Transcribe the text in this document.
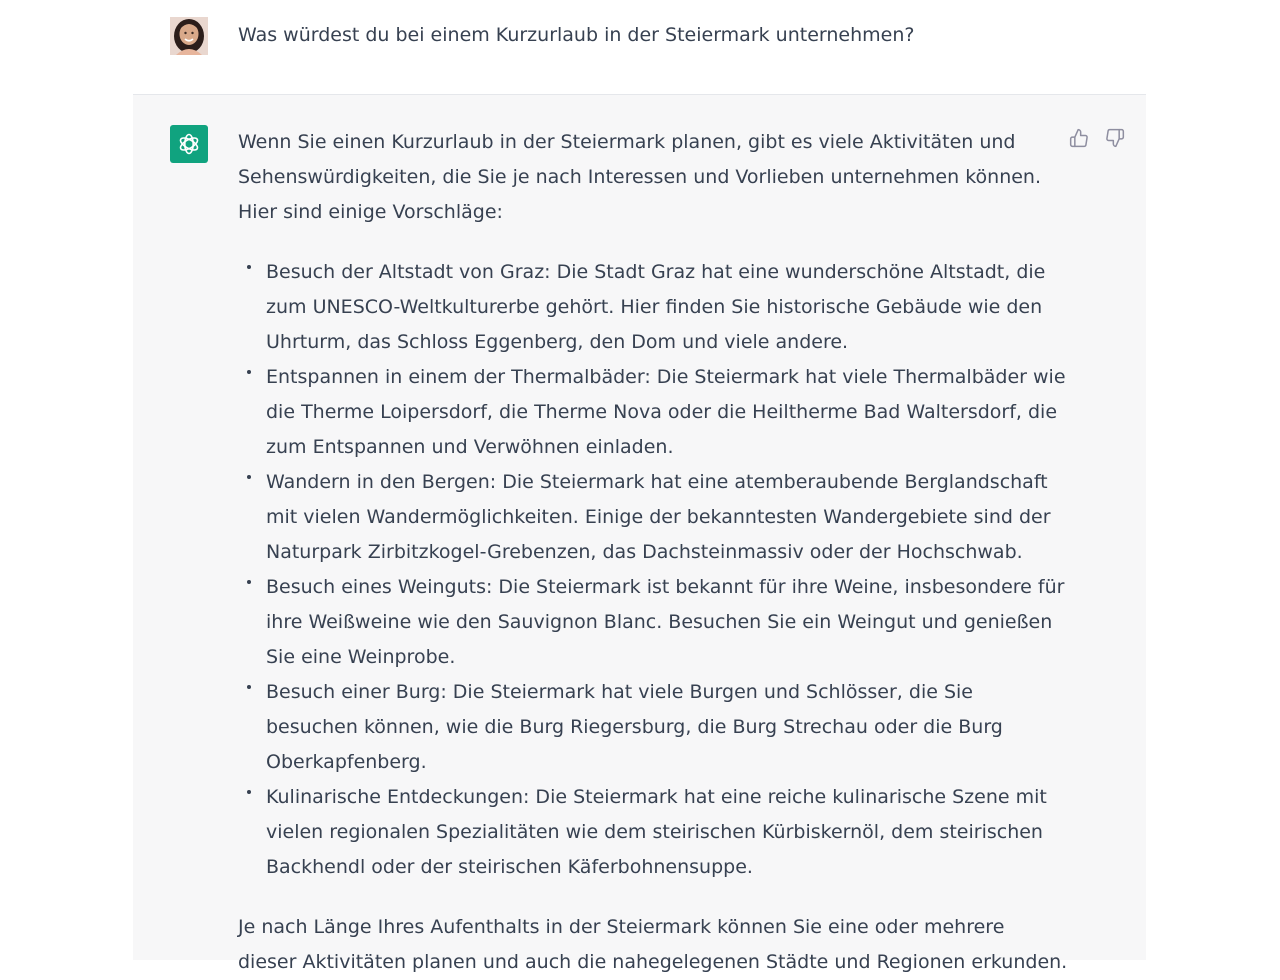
Was würdest du bei einem Kurzurlaub in der Steiermark unternehmen?

Wenn Sie einen Kurzurlaub in der Steiermark planen, gibt es viele Aktivitäten und Sehenswürdigkeiten, die Sie je nach Interessen und Vorlieben unternehmen können. Hier sind einige Vorschläge:

Besuch der Altstadt von Graz: Die Stadt Graz hat eine wunderschöne Altstadt, die zum UNESCO-Weltkulturerbe gehört. Hier finden Sie historische Gebäude wie den Uhrturm, das Schloss Eggenberg, den Dom und viele andere.
Entspannen in einem der Thermalbäder: Die Steiermark hat viele Thermalbäder wie die Therme Loipersdorf, die Therme Nova oder die Heiltherme Bad Waltersdorf, die zum Entspannen und Verwöhnen einladen.
Wandern in den Bergen: Die Steiermark hat eine atemberaubende Berglandschaft mit vielen Wandermöglichkeiten. Einige der bekanntesten Wandergebiete sind der Naturpark Zirbitzkogel-Grebenzen, das Dachsteinmassiv oder der Hochschwab.
Besuch eines Weinguts: Die Steiermark ist bekannt für ihre Weine, insbesondere für ihre Weißweine wie den Sauvignon Blanc. Besuchen Sie ein Weingut und genießen Sie eine Weinprobe.
Besuch einer Burg: Die Steiermark hat viele Burgen und Schlösser, die Sie besuchen können, wie die Burg Riegersburg, die Burg Strechau oder die Burg Oberkapfenberg.
Kulinarische Entdeckungen: Die Steiermark hat eine reiche kulinarische Szene mit vielen regionalen Spezialitäten wie dem steirischen Kürbiskernöl, dem steirischen Backhendl oder der steirischen Käferbohnensuppe.

Je nach Länge Ihres Aufenthalts in der Steiermark können Sie eine oder mehrere dieser Aktivitäten planen und auch die nahegelegenen Städte und Regionen erkunden.
